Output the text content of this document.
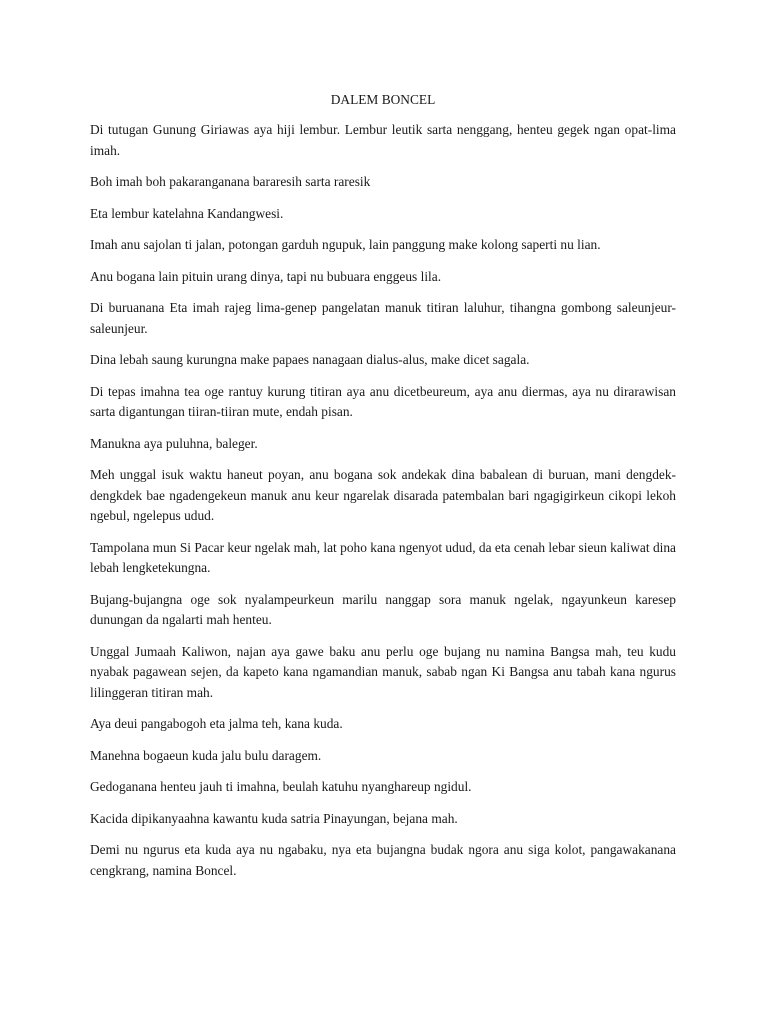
DALEM BONCEL

Di tutugan Gunung Giriawas aya hiji lembur. Lembur leutik sarta nenggang, henteu gegek ngan opat-lima imah.

Boh imah boh pakaranganana bararesih sarta raresik

Eta lembur katelahna Kandangwesi.

Imah anu sajolan ti jalan, potongan garduh ngupuk, lain panggung make kolong saperti nu lian.

Anu bogana lain pituin urang dinya, tapi nu bubuara enggeus lila.

Di buruanana Eta imah rajeg lima-genep pangelatan manuk titiran laluhur, tihangna gombong saleunjeur-saleunjeur.

Dina lebah saung kurungna make papaes nanagaan dialus-alus, make dicet sagala.

Di tepas imahna tea oge rantuy kurung titiran aya anu dicetbeureum, aya anu diermas, aya nu dirarawisan sarta digantungan tiiran-tiiran mute, endah pisan.

Manukna aya puluhna, baleger.

Meh unggal isuk waktu haneut poyan, anu bogana sok andekak dina babalean di buruan, mani dengdek-dengkdek bae ngadengekeun manuk anu keur ngarelak disarada patembalan bari ngagigirkeun cikopi lekoh ngebul, ngelepus udud.

Tampolana mun Si Pacar keur ngelak mah, lat poho kana ngenyot udud, da eta cenah lebar sieun kaliwat dina lebah lengketekungna.

Bujang-bujangna oge sok nyalampeurkeun marilu nanggap sora manuk ngelak, ngayunkeun karesep dunungan da ngalarti mah henteu.

Unggal Jumaah Kaliwon, najan aya gawe baku anu perlu oge bujang nu namina Bangsa mah, teu kudu nyabak pagawean sejen, da kapeto kana ngamandian manuk, sabab ngan Ki Bangsa anu tabah kana ngurus lilinggeran titiran mah.

Aya deui pangabogoh eta jalma teh, kana kuda.

Manehna bogaeun kuda jalu bulu daragem.

Gedoganana henteu jauh ti imahna, beulah katuhu nyanghareup ngidul.

Kacida dipikanyaahna kawantu kuda satria Pinayungan, bejana mah.

Demi nu ngurus eta kuda aya nu ngabaku, nya eta bujangna budak ngora anu siga kolot, pangawakanana cengkrang, namina Boncel.
